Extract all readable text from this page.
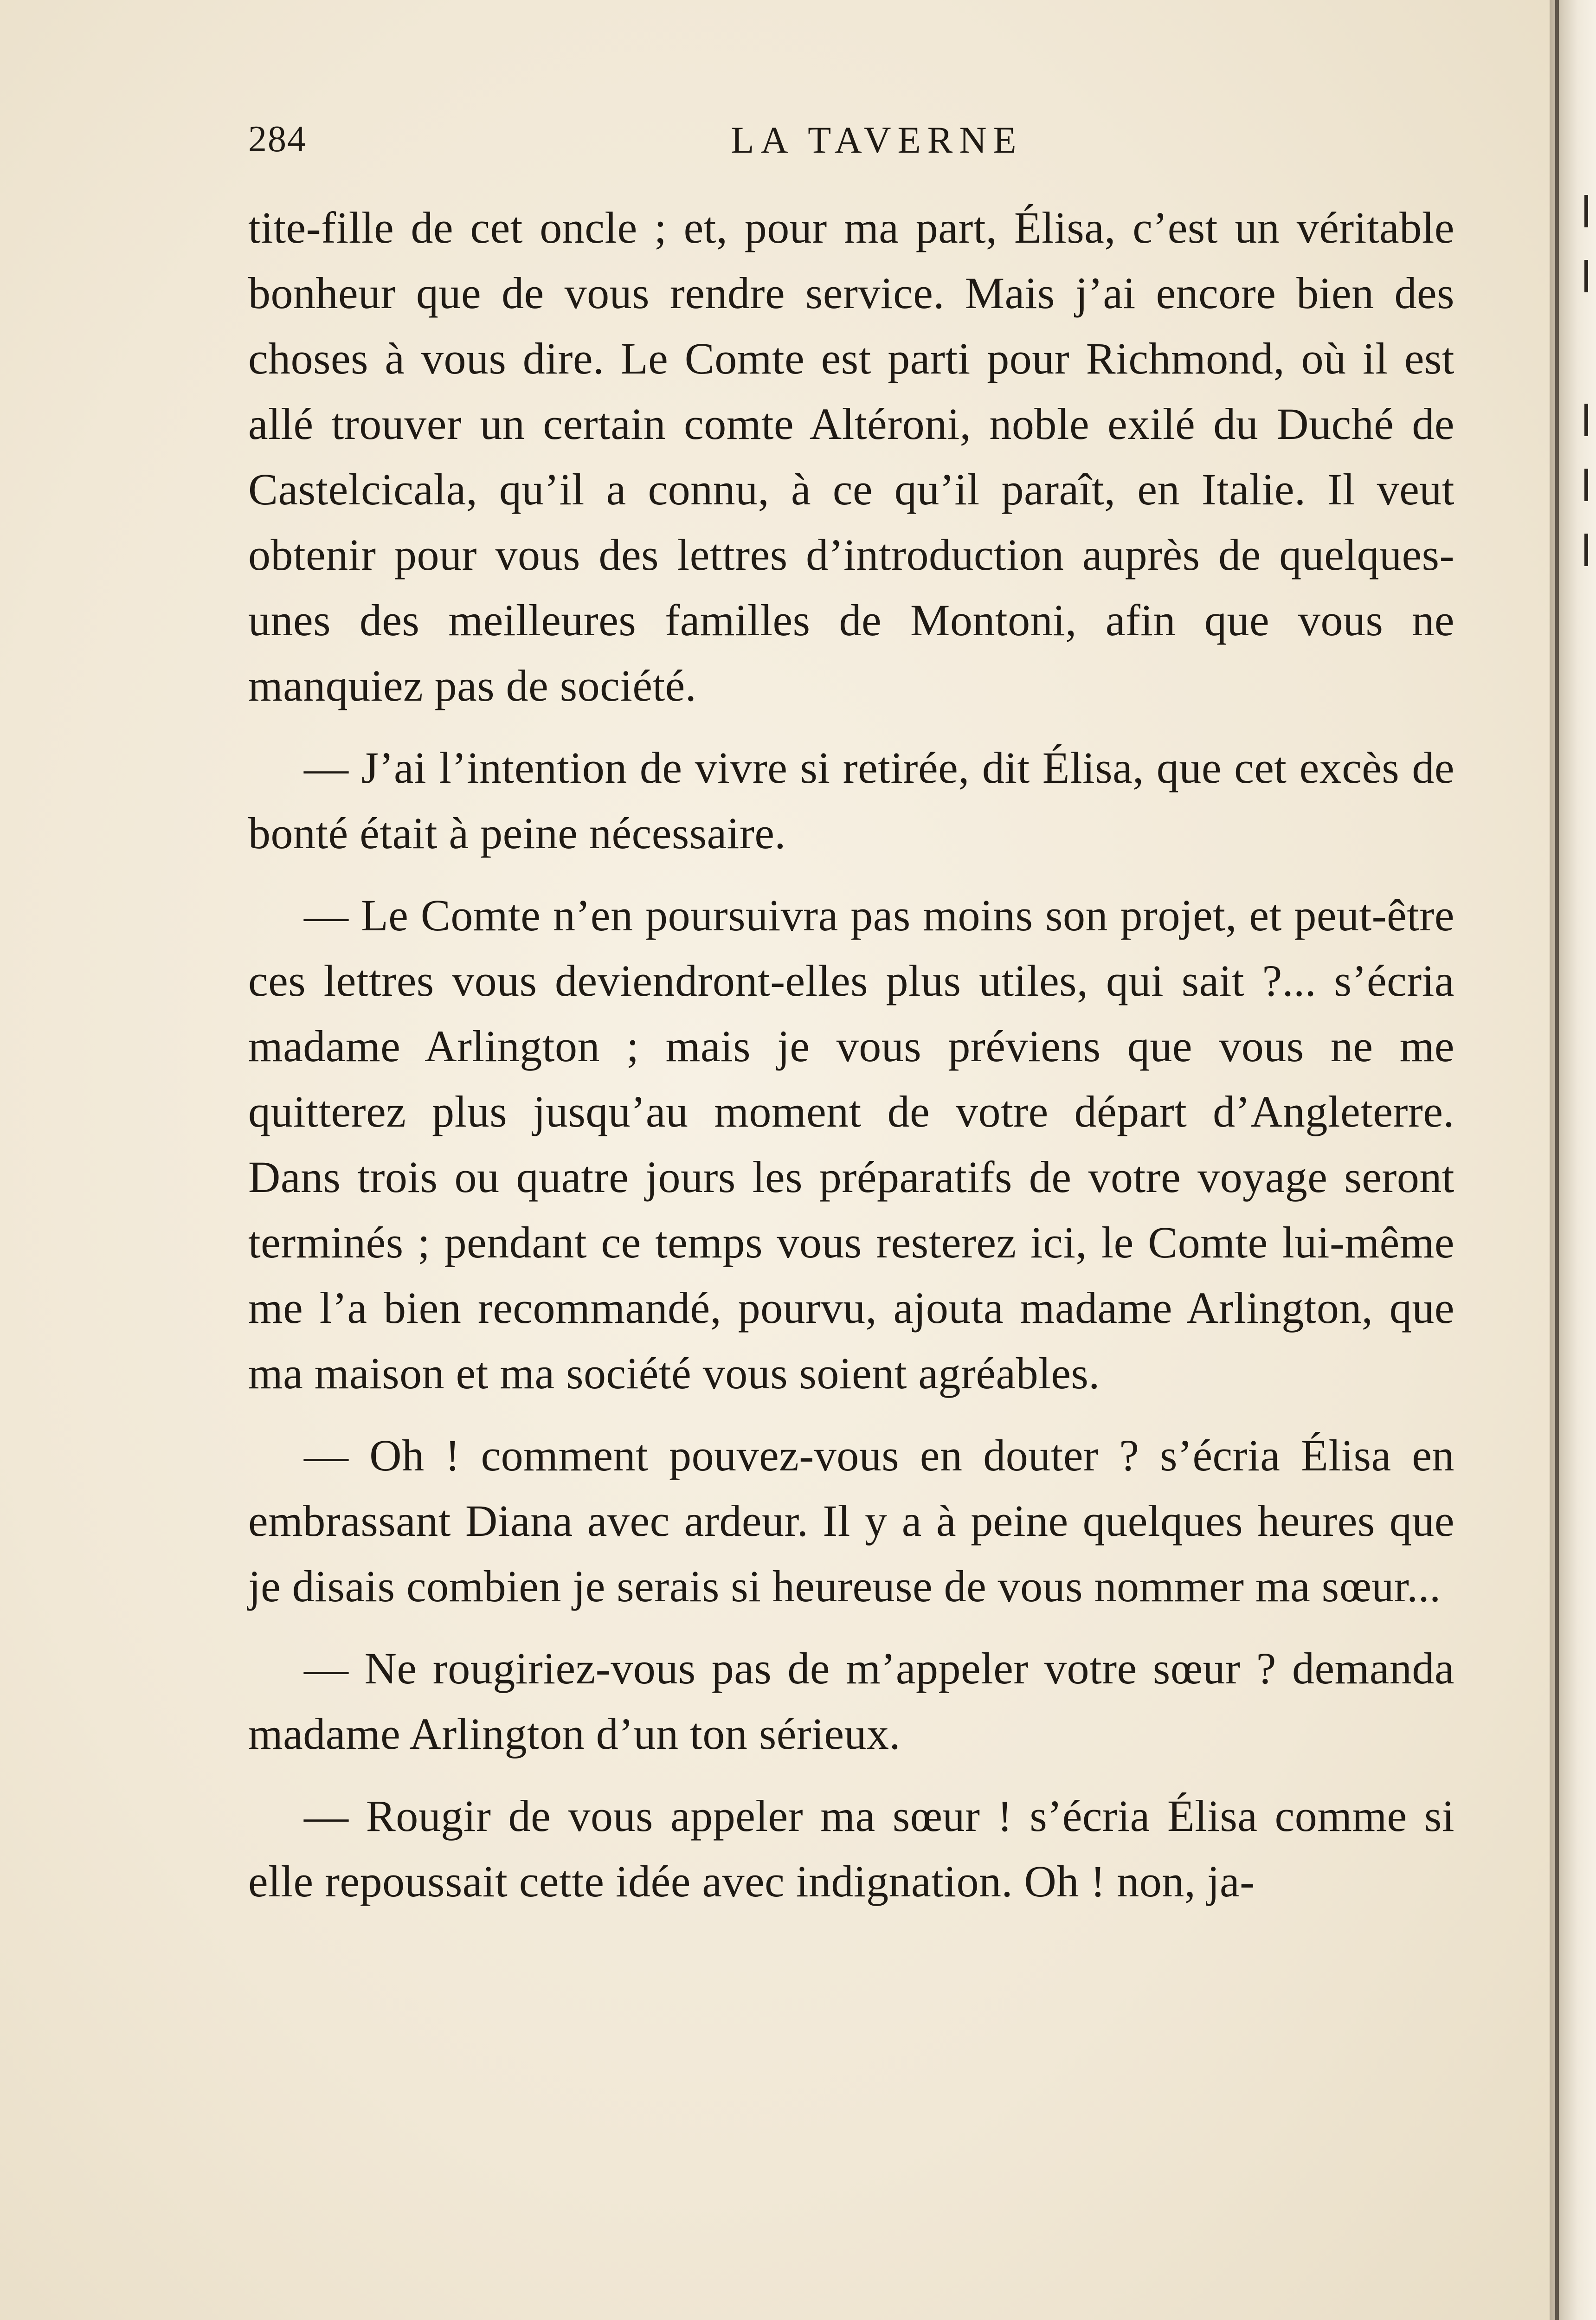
284	LA TAVERNE

tite-fille de cet oncle ; et, pour ma part, Élisa, c’est un véritable bonheur que de vous rendre service. Mais j’ai encore bien des choses à vous dire. Le Comte est parti pour Richmond, où il est allé trouver un certain comte Altéroni, noble exilé du Duché de Castelcicala, qu’il a connu, à ce qu’il paraît, en Italie. Il veut obtenir pour vous des lettres d’introduction auprès de quelques-unes des meilleures familles de Montoni, afin que vous ne manquiez pas de société.

— J’ai l’intention de vivre si retirée, dit Élisa, que cet excès de bonté était à peine nécessaire.

— Le Comte n’en poursuivra pas moins son projet, et peut-être ces lettres vous deviendront-elles plus utiles, qui sait ?... s’écria madame Arlington ; mais je vous préviens que vous ne me quitterez plus jusqu’au moment de votre départ d’Angleterre. Dans trois ou quatre jours les préparatifs de votre voyage seront terminés ; pendant ce temps vous resterez ici, le Comte lui-même me l’a bien recommandé, pourvu, ajouta madame Arlington, que ma maison et ma société vous soient agréables.

— Oh ! comment pouvez-vous en douter ? s’écria Élisa en embrassant Diana avec ardeur. Il y a à peine quelques heures que je disais combien je serais si heureuse de vous nommer ma sœur...

— Ne rougiriez-vous pas de m’appeler votre sœur ? demanda madame Arlington d’un ton sérieux.

— Rougir de vous appeler ma sœur ! s’écria Élisa comme si elle repoussait cette idée avec indignation. Oh ! non, ja-
